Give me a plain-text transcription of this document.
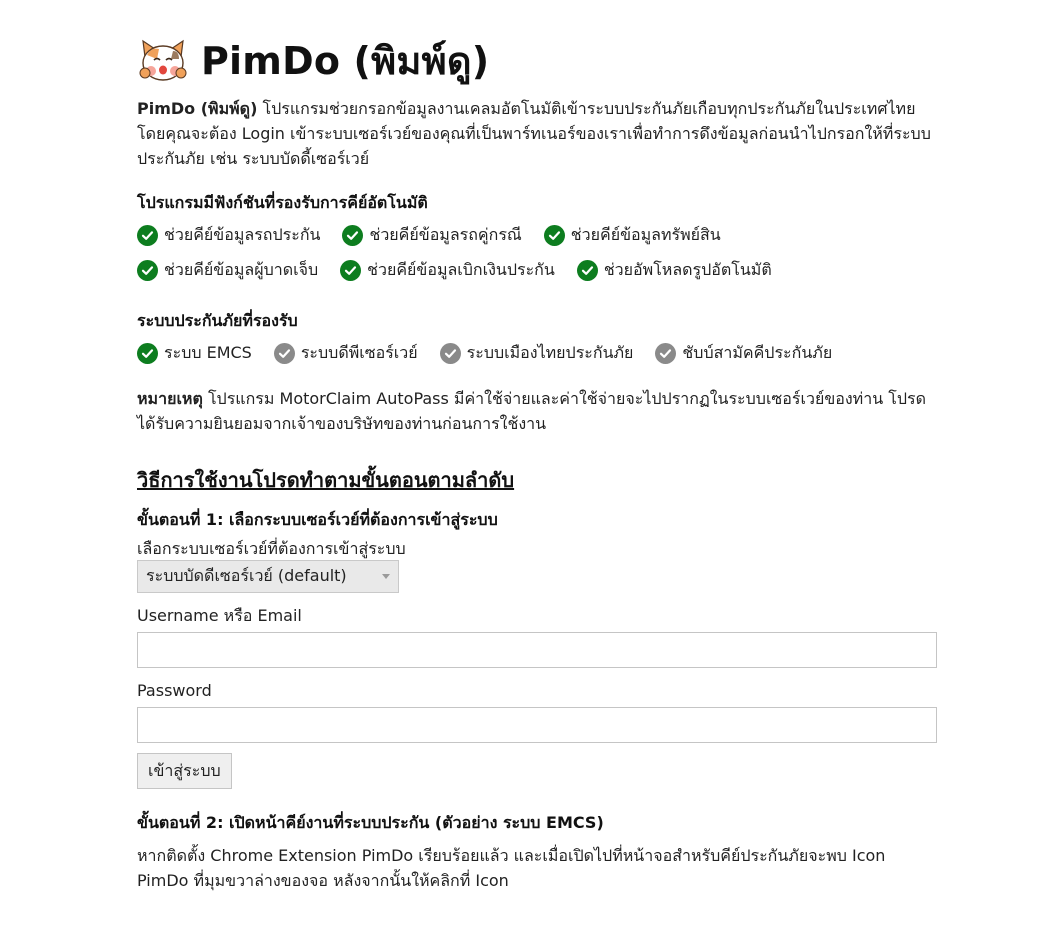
PimDo (พิมพ์ดู)

PimDo (พิมพ์ดู) โปรแกรมช่วยกรอกข้อมูลงานเคลมอัตโนมัติเข้าระบบประกันภัยเกือบทุกประกันภัยในประเทศไทย โดยคุณจะต้อง Login เข้าระบบเซอร์เวย์ของคุณที่เป็นพาร์ทเนอร์ของเราเพื่อทำการดึงข้อมูลก่อนนำไปกรอกให้ที่ระบบประกันภัย เช่น ระบบบัดดี้เซอร์เวย์

โปรแกรมมีฟังก์ชันที่รองรับการคีย์อัตโนมัติ
ช่วยคีย์ข้อมูลรถประกัน	ช่วยคีย์ข้อมูลรถคู่กรณี	ช่วยคีย์ข้อมูลทรัพย์สิน
ช่วยคีย์ข้อมูลผู้บาดเจ็บ	ช่วยคีย์ข้อมูลเบิกเงินประกัน	ช่วยอัพโหลดรูปอัตโนมัติ
ระบบประกันภัยที่รองรับ
ระบบ EMCS	ระบบดีพีเซอร์เวย์	ระบบเมืองไทยประกันภัย	ชับบ์สามัคคีประกันภัย

หมายเหตุ โปรแกรม MotorClaim AutoPass มีค่าใช้จ่ายและค่าใช้จ่ายจะไปปรากฏในระบบเซอร์เวย์ของท่าน โปรดได้รับความยินยอมจากเจ้าของบริษัทของท่านก่อนการใช้งาน

วิธีการใช้งานโปรดทำตามขั้นตอนตามลำดับ
ขั้นตอนที่ 1: เลือกระบบเซอร์เวย์ที่ต้องการเข้าสู่ระบบ
เลือกระบบเซอร์เวย์ที่ต้องการเข้าสู่ระบบ
ระบบบัดดีเซอร์เวย์ (default)
Username หรือ Email
Password
เข้าสู่ระบบ
ขั้นตอนที่ 2: เปิดหน้าคีย์งานที่ระบบประกัน (ตัวอย่าง ระบบ EMCS)

หากติดตั้ง Chrome Extension PimDo เรียบร้อยแล้ว และเมื่อเปิดไปที่หน้าจอสำหรับคีย์ประกันภัยจะพบ Icon PimDo ที่มุมขวาล่างของจอ หลังจากนั้นให้คลิกที่ Icon
